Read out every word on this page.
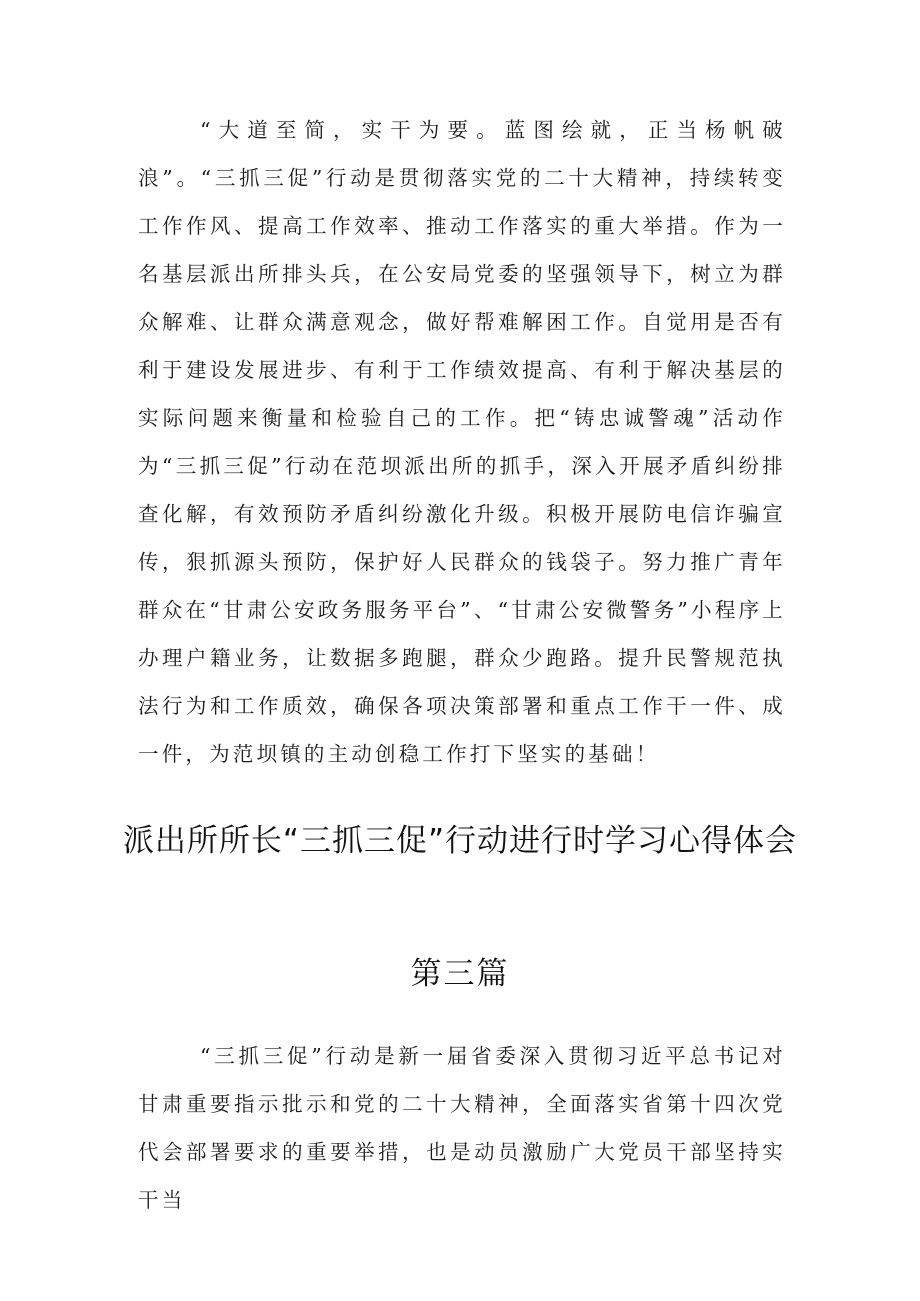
“大道至简，实干为要。蓝图绘就，正当杨帆破浪”。“三抓三促”行动是贯彻落实党的二十大精神，持续转变工作作风、提高工作效率、推动工作落实的重大举措。作为一名基层派出所排头兵，在公安局党委的坚强领导下，树立为群众解难、让群众满意观念，做好帮难解困工作。自觉用是否有利于建设发展进步、有利于工作绩效提高、有利于解决基层的实际问题来衡量和检验自己的工作。把“铸忠诚警魂”活动作为“三抓三促”行动在范坝派出所的抓手，深入开展矛盾纠纷排查化解，有效预防矛盾纠纷激化升级。积极开展防电信诈骗宣传，狠抓源头预防，保护好人民群众的钱袋子。努力推广青年群众在“甘肃公安政务服务平台”、“甘肃公安微警务”小程序上办理户籍业务，让数据多跑腿，群众少跑路。提升民警规范执法行为和工作质效，确保各项决策部署和重点工作干一件、成一件，为范坝镇的主动创稳工作打下坚实的基础！

派出所所长“三抓三促”行动进行时学习心得体会
第三篇

“三抓三促”行动是新一届省委深入贯彻习近平总书记对甘肃重要指示批示和党的二十大精神，全面落实省第十四次党代会部署要求的重要举措，也是动员激励广大党员干部坚持实干当
